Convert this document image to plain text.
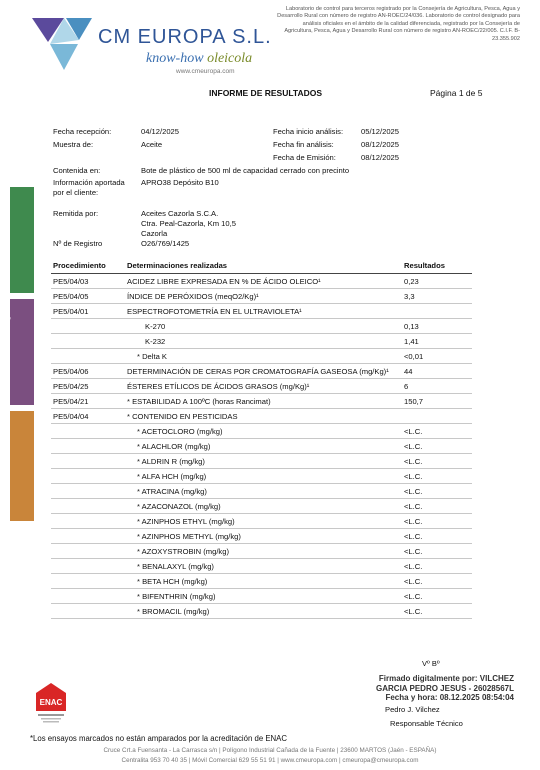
CM EUROPA S.L.
know-how oleicola
www.cmeuropa.com
Laboratorio de control para terceros registrado por la Consejería de Agricultura, Pesca, Agua y Desarrollo Rural con número de registro AN-ROEC/24/036. Laboratorio de control designado para análisis oficiales en el ámbito de la calidad diferenciada, registrado por la Consejería de Agricultura, Pesca, Agua y Desarrollo Rural con número de registro AN-ROEC/22/005. C.I.F. B-23.355.902
INFORME DE RESULTADOS	Página 1 de 5
Fecha recepción:	04/12/2025
Muestra de:	Aceite
Fecha inicio análisis: 05/12/2025
Fecha fin análisis:	08/12/2025
Fecha de Emisión:	08/12/2025
Contenida en:	Bote de plástico de 500 ml de capacidad cerrado con precinto
Información aportada por el cliente:
APRO38 Depósito B10
Remitida por:	Aceites Cazorla S.C.A.
Ctra. Peal-Cazorla, Km 10,5
Cazorla
Nº de Registro	O26/769/1425
CM EUROPA S.L. Laboratorios
CM EUROPA S.L. Ingenieros
CM EUROPA S.L. Formación
Procedimiento	Determinaciones realizadas	Resultados
PE5/04/03	ACIDEZ LIBRE EXPRESADA EN % DE ÁCIDO OLEICO¹	0,23
PE5/04/05	ÍNDICE DE PERÓXIDOS (meqO2/Kg)¹	3,3
PE5/04/01	ESPECTROFOTOMETRÍA EN EL ULTRAVIOLETA¹	
	K-270	0,13
	K-232	1,41
	* Delta K	<0,01
PE5/04/06	DETERMINACIÓN DE CERAS POR CROMATOGRAFÍA GASEOSA (mg/Kg)¹	44
PE5/04/25	ÉSTERES ETÍLICOS DE ÁCIDOS GRASOS (mg/Kg)¹	6
PE5/04/21	* ESTABILIDAD A 100ºC (horas Rancimat)	150,7
PE5/04/04	* CONTENIDO EN PESTICIDAS	
	* ACETOCLORO (mg/kg)	<L.C.
	* ALACHLOR (mg/kg)	<L.C.
	* ALDRIN R (mg/kg)	<L.C.
	* ALFA HCH (mg/kg)	<L.C.
	* ATRACINA (mg/kg)	<L.C.
	* AZACONAZOL (mg/kg)	<L.C.
	* AZINPHOS ETHYL (mg/kg)	<L.C.
	* AZINPHOS METHYL (mg/kg)	<L.C.
	* AZOXYSTROBIN (mg/kg)	<L.C.
	* BENALAXYL (mg/kg)	<L.C.
	* BETA HCH (mg/kg)	<L.C.
	* BIFENTHRIN (mg/kg)	<L.C.
	* BROMACIL (mg/kg)	<L.C.
Vº Bº
Firmado digitalmente por: VILCHEZ
GARCIA PEDRO JESUS - 26028567L
Fecha y hora: 08.12.2025 08:54:04
Pedro J. Vilchez
Responsable Técnico
ENAC
*Los ensayos marcados no están amparados por la acreditación de ENAC
Cruce Crt.a Fuensanta - La Carrasca s/n | Polígono Industrial Cañada de la Fuente | 23600 MARTOS (Jaén - ESPAÑA)
Centralita 953 70 40 35 | Móvil Comercial 629 55 51 91 | www.cmeuropa.com | cmeuropa@cmeuropa.com
